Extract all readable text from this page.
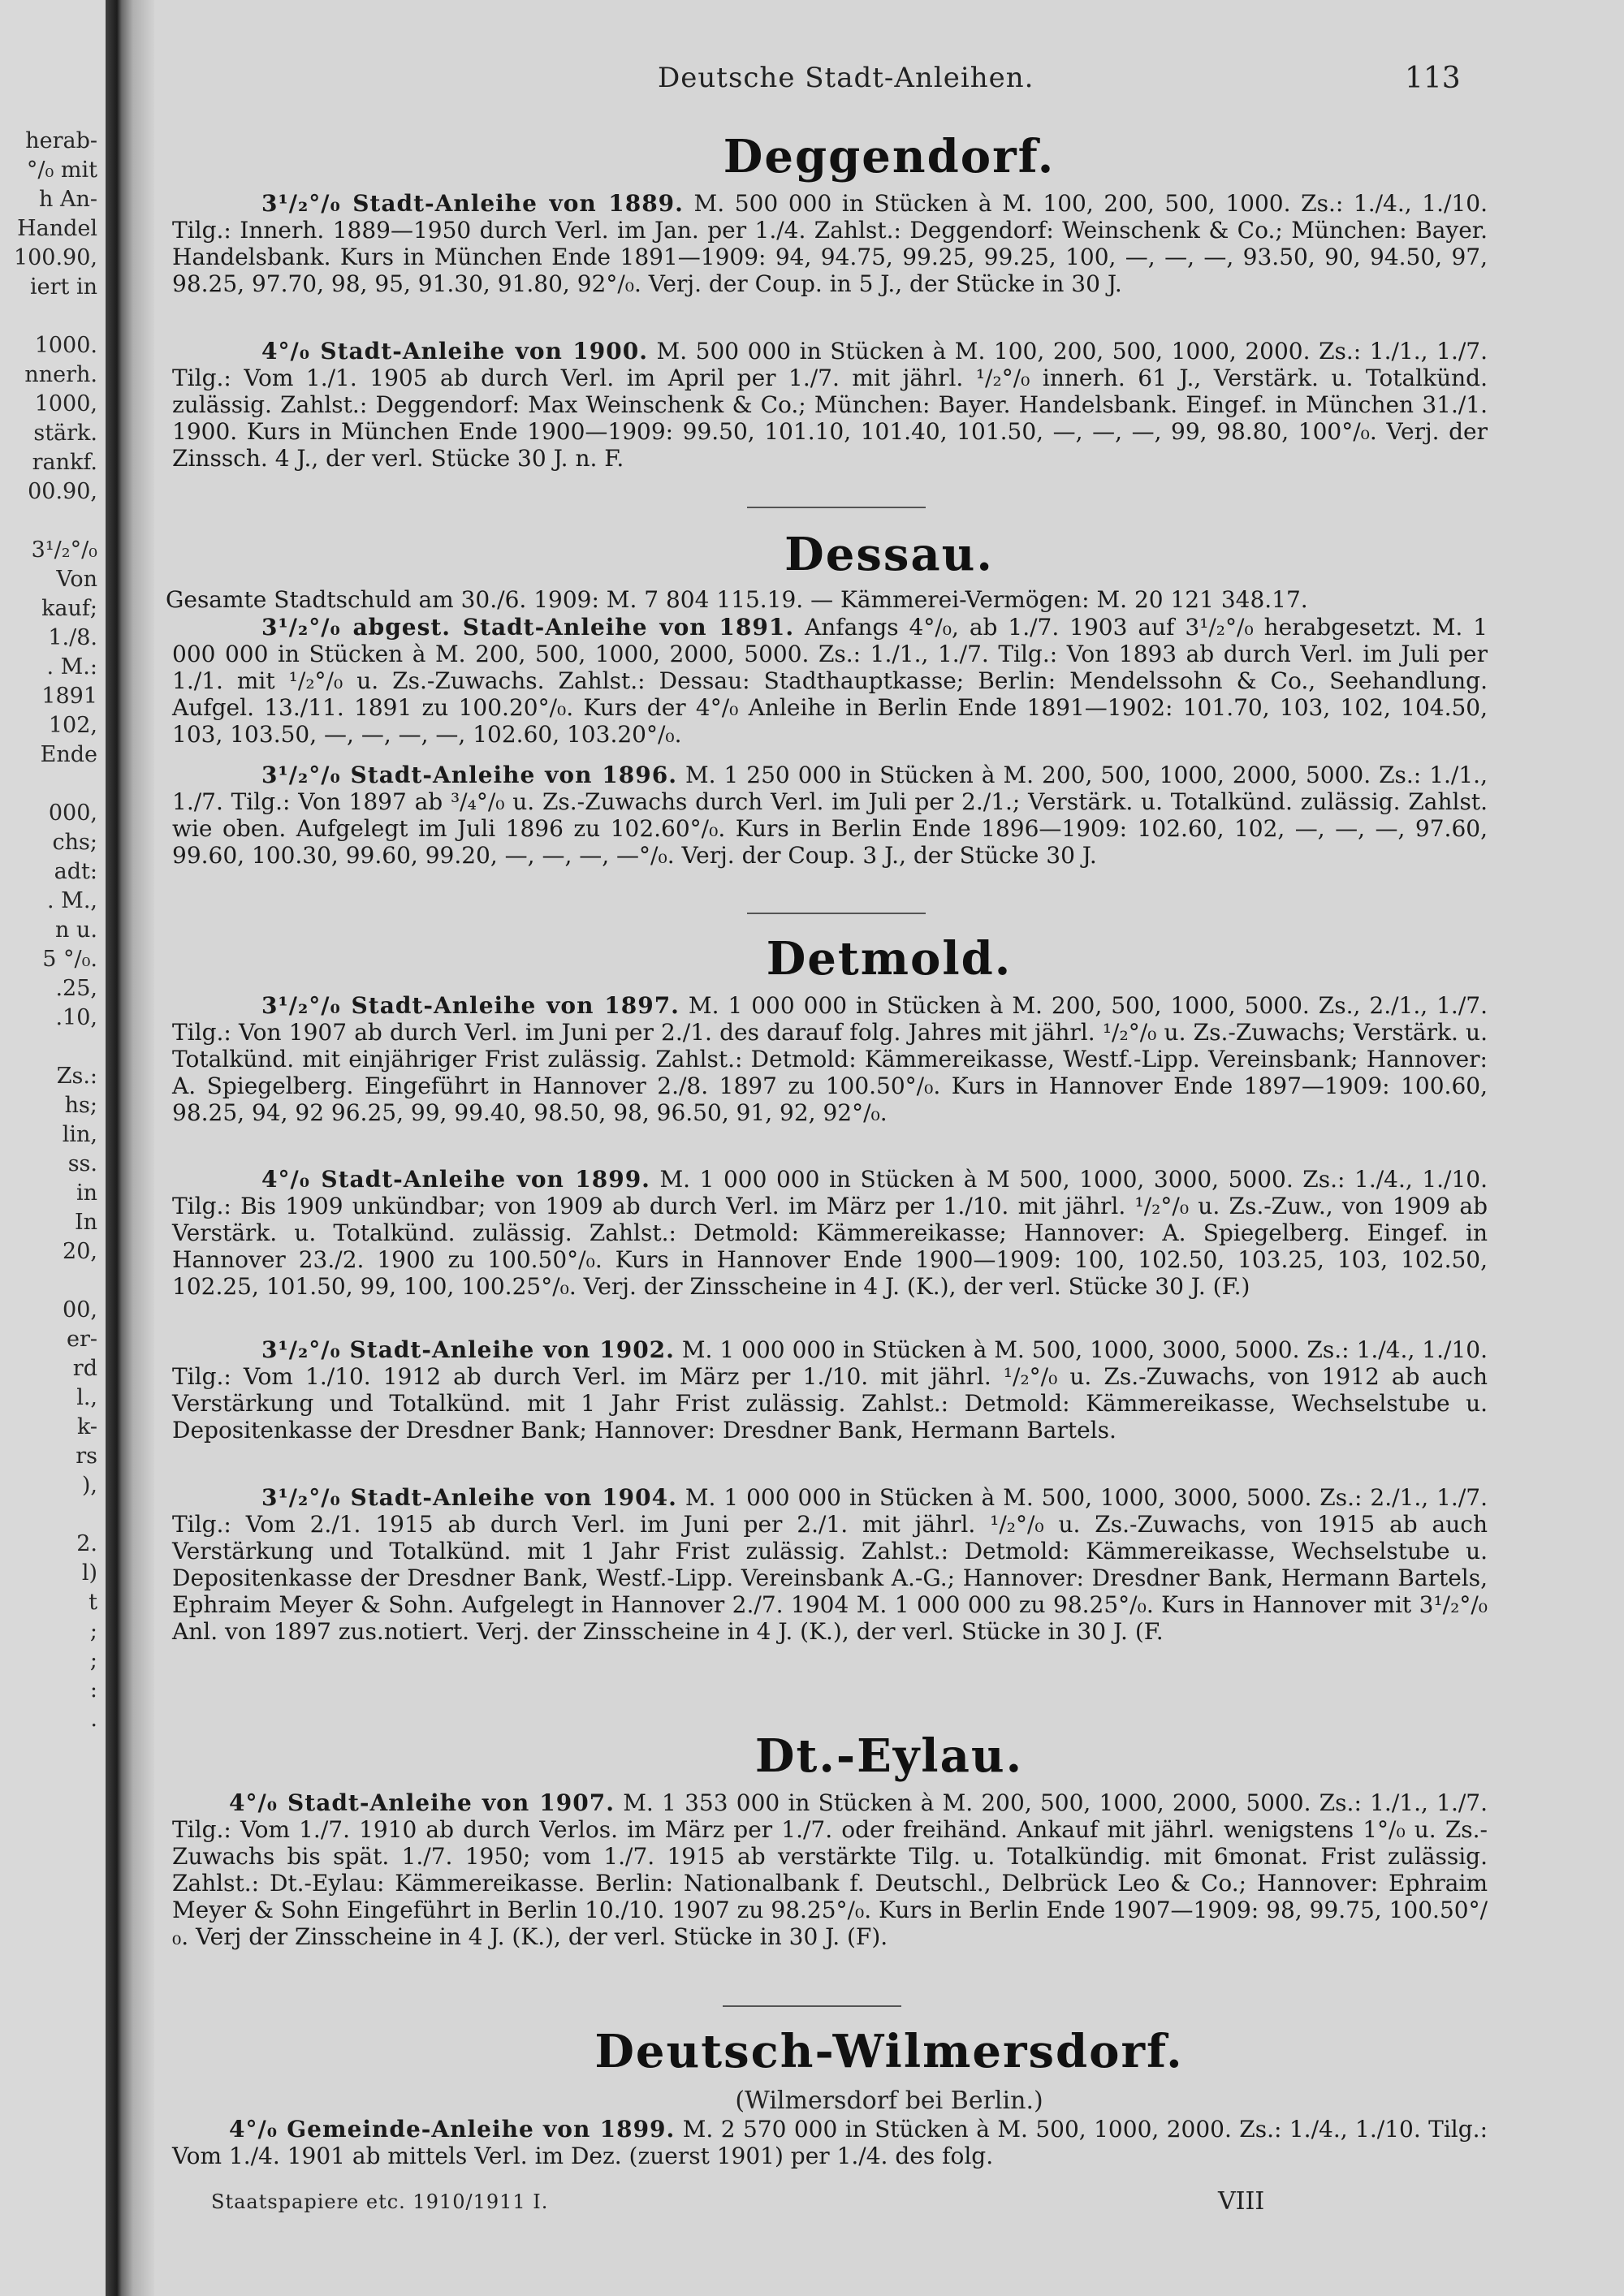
herab-
°/₀ mit
h An-
Handel
100.90,
iert in
1000.
nnerh.
1000,
stärk.
rankf.
00.90,
3¹/₂°/₀
Von
kauf;
1./8.
. M.:
1891
102,
Ende
000,
chs;
adt:
. M.,
n u.
5 °/₀.
.25,
.10,
Zs.:
hs;
lin,
ss.
in
In
20,
00,
er-
rd
l.,
k-
rs
),
2.
l)
t
;
;
:
.
Deutsche Stadt-Anleihen.	113
Deggendorf.
3¹/₂°/₀ Stadt-Anleihe von 1889. M. 500 000 in Stücken à M. 100, 200, 500, 1000. Zs.: 1./4., 1./10. Tilg.: Innerh. 1889—1950 durch Verl. im Jan. per 1./4. Zahlst.: Deggendorf: Weinschenk & Co.; München: Bayer. Handelsbank. Kurs in München Ende 1891—1909: 94, 94.75, 99.25, 99.25, 100, —, —, —, 93.50, 90, 94.50, 97, 98.25, 97.70, 98, 95, 91.30, 91.80, 92°/₀. Verj. der Coup. in 5 J., der Stücke in 30 J.
4°/₀ Stadt-Anleihe von 1900. M. 500 000 in Stücken à M. 100, 200, 500, 1000, 2000. Zs.: 1./1., 1./7. Tilg.: Vom 1./1. 1905 ab durch Verl. im April per 1./7. mit jährl. ¹/₂°/₀ innerh. 61 J., Verstärk. u. Totalkünd. zulässig. Zahlst.: Deggendorf: Max Weinschenk & Co.; München: Bayer. Handelsbank. Eingef. in München 31./1. 1900. Kurs in München Ende 1900—1909: 99.50, 101.10, 101.40, 101.50, —, —, —, 99, 98.80, 100°/₀. Verj. der Zinssch. 4 J., der verl. Stücke 30 J. n. F.
Dessau.
Gesamte Stadtschuld am 30./6. 1909: M. 7 804 115.19. — Kämmerei-Vermögen: M. 20 121 348.17.
3¹/₂°/₀ abgest. Stadt-Anleihe von 1891. Anfangs 4°/₀, ab 1./7. 1903 auf 3¹/₂°/₀ herabgesetzt. M. 1 000 000 in Stücken à M. 200, 500, 1000, 2000, 5000. Zs.: 1./1., 1./7. Tilg.: Von 1893 ab durch Verl. im Juli per 1./1. mit ¹/₂°/₀ u. Zs.-Zuwachs. Zahlst.: Dessau: Stadthauptkasse; Berlin: Mendelssohn & Co., Seehandlung. Aufgel. 13./11. 1891 zu 100.20°/₀. Kurs der 4°/₀ Anleihe in Berlin Ende 1891—1902: 101.70, 103, 102, 104.50, 103, 103.50, —, —, —, —, 102.60, 103.20°/₀.
3¹/₂°/₀ Stadt-Anleihe von 1896. M. 1 250 000 in Stücken à M. 200, 500, 1000, 2000, 5000. Zs.: 1./1., 1./7. Tilg.: Von 1897 ab ³/₄°/₀ u. Zs.-Zuwachs durch Verl. im Juli per 2./1.; Verstärk. u. Totalkünd. zulässig. Zahlst. wie oben. Aufgelegt im Juli 1896 zu 102.60°/₀. Kurs in Berlin Ende 1896—1909: 102.60, 102, —, —, —, 97.60, 99.60, 100.30, 99.60, 99.20, —, —, —, —°/₀. Verj. der Coup. 3 J., der Stücke 30 J.
Detmold.
3¹/₂°/₀ Stadt-Anleihe von 1897. M. 1 000 000 in Stücken à M. 200, 500, 1000, 5000. Zs., 2./1., 1./7. Tilg.: Von 1907 ab durch Verl. im Juni per 2./1. des darauf folg. Jahres mit jährl. ¹/₂°/₀ u. Zs.-Zuwachs; Verstärk. u. Totalkünd. mit einjähriger Frist zulässig. Zahlst.: Detmold: Kämmereikasse, Westf.-Lipp. Vereinsbank; Hannover: A. Spiegelberg. Eingeführt in Hannover 2./8. 1897 zu 100.50°/₀. Kurs in Hannover Ende 1897—1909: 100.60, 98.25, 94, 92 96.25, 99, 99.40, 98.50, 98, 96.50, 91, 92, 92°/₀.
4°/₀ Stadt-Anleihe von 1899. M. 1 000 000 in Stücken à M 500, 1000, 3000, 5000. Zs.: 1./4., 1./10. Tilg.: Bis 1909 unkündbar; von 1909 ab durch Verl. im März per 1./10. mit jährl. ¹/₂°/₀ u. Zs.-Zuw., von 1909 ab Verstärk. u. Totalkünd. zulässig. Zahlst.: Detmold: Kämmereikasse; Hannover: A. Spiegelberg. Eingef. in Hannover 23./2. 1900 zu 100.50°/₀. Kurs in Hannover Ende 1900—1909: 100, 102.50, 103.25, 103, 102.50, 102.25, 101.50, 99, 100, 100.25°/₀. Verj. der Zinsscheine in 4 J. (K.), der verl. Stücke 30 J. (F.)
3¹/₂°/₀ Stadt-Anleihe von 1902. M. 1 000 000 in Stücken à M. 500, 1000, 3000, 5000. Zs.: 1./4., 1./10. Tilg.: Vom 1./10. 1912 ab durch Verl. im März per 1./10. mit jährl. ¹/₂°/₀ u. Zs.-Zuwachs, von 1912 ab auch Verstärkung und Totalkünd. mit 1 Jahr Frist zulässig. Zahlst.: Detmold: Kämmereikasse, Wechselstube u. Depositenkasse der Dresdner Bank; Hannover: Dresdner Bank, Hermann Bartels.
3¹/₂°/₀ Stadt-Anleihe von 1904. M. 1 000 000 in Stücken à M. 500, 1000, 3000, 5000. Zs.: 2./1., 1./7. Tilg.: Vom 2./1. 1915 ab durch Verl. im Juni per 2./1. mit jährl. ¹/₂°/₀ u. Zs.-Zuwachs, von 1915 ab auch Verstärkung und Totalkünd. mit 1 Jahr Frist zulässig. Zahlst.: Detmold: Kämmereikasse, Wechselstube u. Depositenkasse der Dresdner Bank, Westf.-Lipp. Vereinsbank A.-G.; Hannover: Dresdner Bank, Hermann Bartels, Ephraim Meyer & Sohn. Aufgelegt in Hannover 2./7. 1904 M. 1 000 000 zu 98.25°/₀. Kurs in Hannover mit 3¹/₂°/₀ Anl. von 1897 zus.notiert. Verj. der Zinsscheine in 4 J. (K.), der verl. Stücke in 30 J. (F.
Dt.-Eylau.
4°/₀ Stadt-Anleihe von 1907. M. 1 353 000 in Stücken à M. 200, 500, 1000, 2000, 5000. Zs.: 1./1., 1./7. Tilg.: Vom 1./7. 1910 ab durch Verlos. im März per 1./7. oder freihänd. Ankauf mit jährl. wenigstens 1°/₀ u. Zs.-Zuwachs bis spät. 1./7. 1950; vom 1./7. 1915 ab verstärkte Tilg. u. Totalkündig. mit 6monat. Frist zulässig. Zahlst.: Dt.-Eylau: Kämmereikasse. Berlin: Nationalbank f. Deutschl., Delbrück Leo & Co.; Hannover: Ephraim Meyer & Sohn Eingeführt in Berlin 10./10. 1907 zu 98.25°/₀. Kurs in Berlin Ende 1907—1909: 98, 99.75, 100.50°/₀. Verj der Zinsscheine in 4 J. (K.), der verl. Stücke in 30 J. (F).
Deutsch-Wilmersdorf.
(Wilmersdorf bei Berlin.)
4°/₀ Gemeinde-Anleihe von 1899. M. 2 570 000 in Stücken à M. 500, 1000, 2000. Zs.: 1./4., 1./10. Tilg.: Vom 1./4. 1901 ab mittels Verl. im Dez. (zuerst 1901) per 1./4. des folg.
Staatspapiere etc. 1910/1911 I.	VIII
